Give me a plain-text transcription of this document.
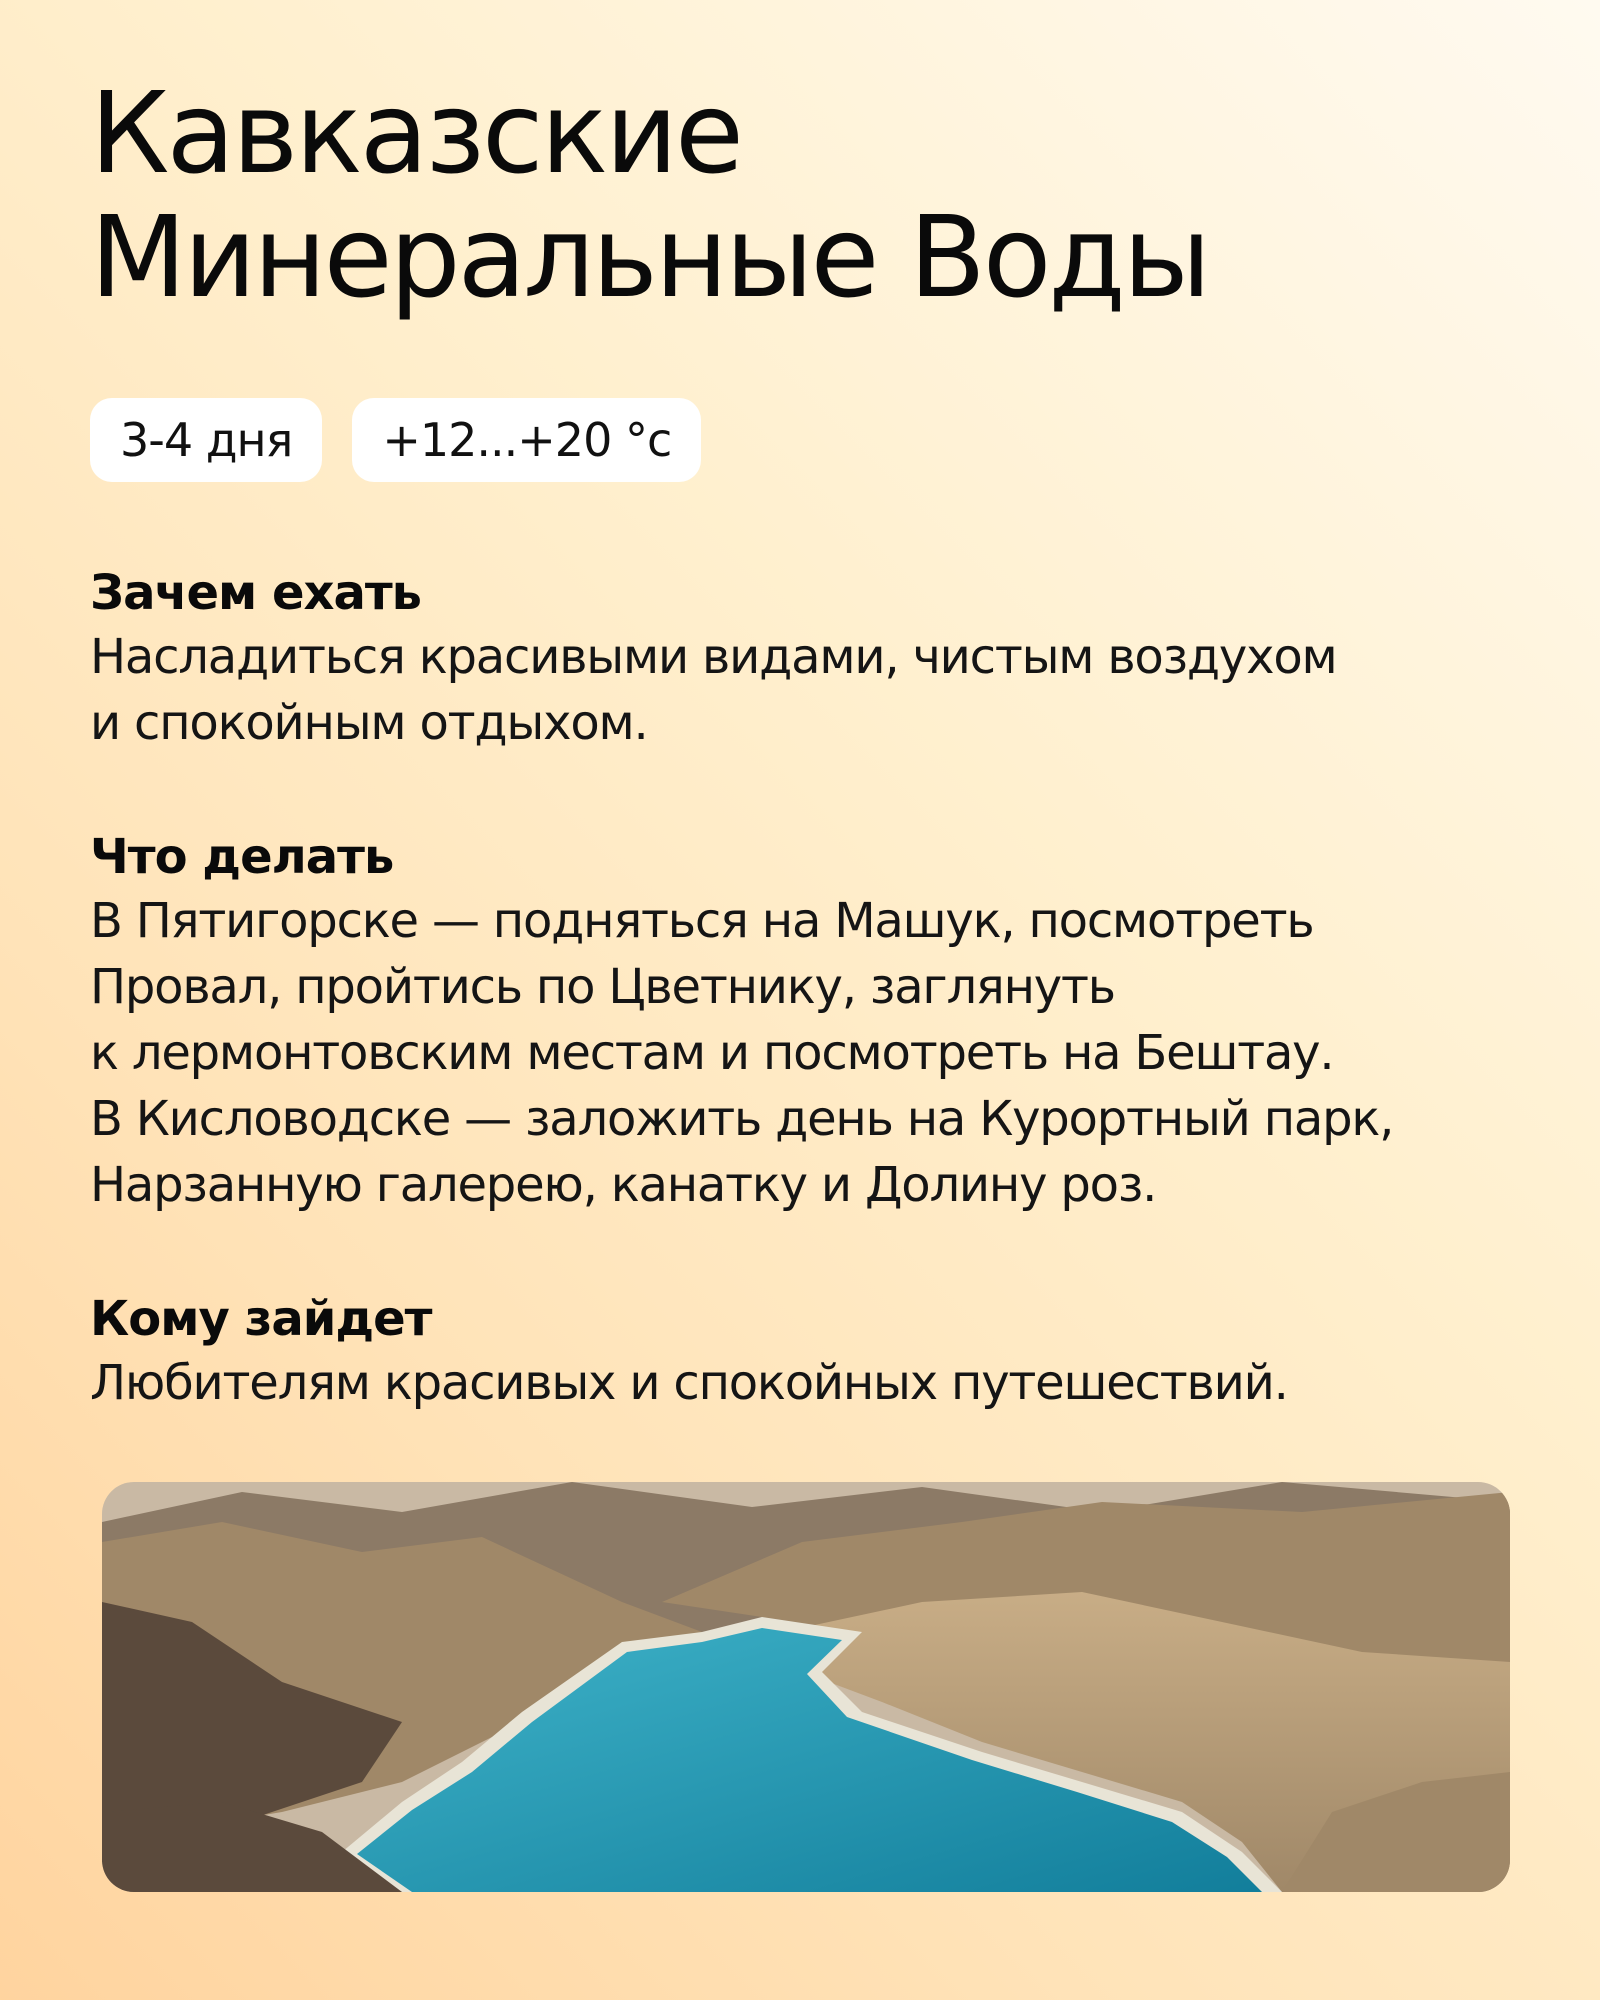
Кавказские
Минеральные Воды
3-4 дня	+12...+20 °с
Зачем ехать

Насладиться красивыми видами, чистым воздухом
и спокойным отдыхом.

Что делать

В Пятигорске — подняться на Машук, посмотреть
Провал, пройтись по Цветнику, заглянуть
к лермонтовским местам и посмотреть на Бештау.
В Кисловодске — заложить день на Курортный парк,
Нарзанную галерею, канатку и Долину роз.

Кому зайдет

Любителям красивых и спокойных путешествий.
